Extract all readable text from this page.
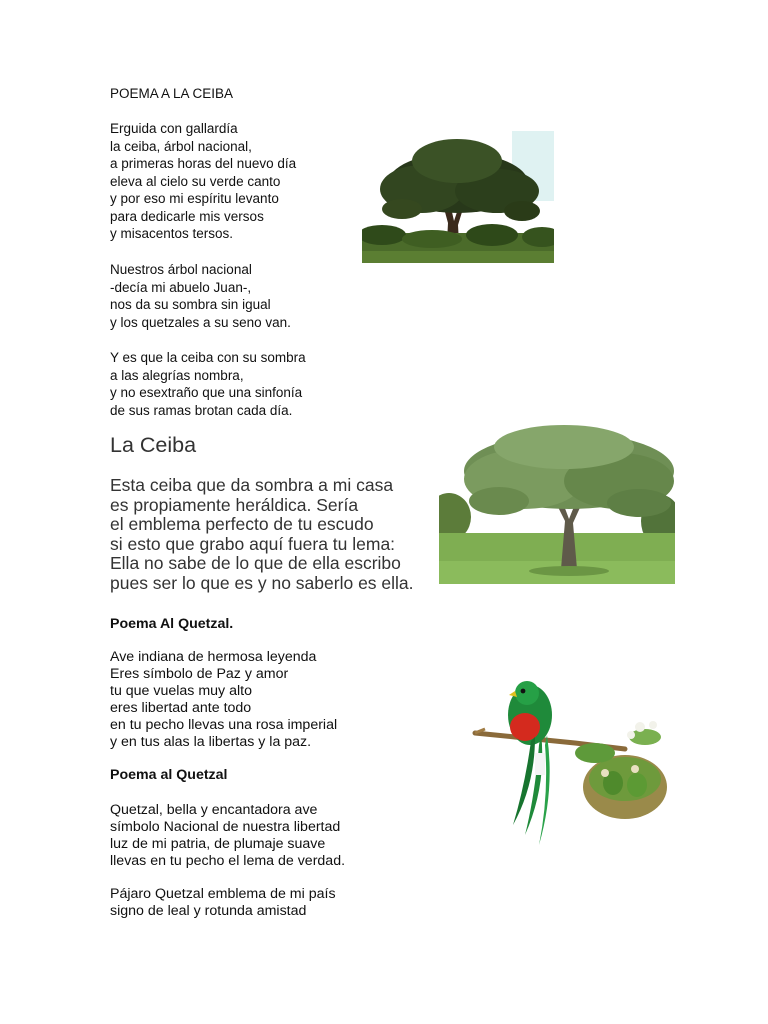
POEMA A LA CEIBA
Erguida con gallardía
la ceiba, árbol nacional,
a primeras horas del nuevo día
eleva al cielo su verde canto
y por eso mi espíritu levanto
para dedicarle mis versos
y misacentos tersos.
Nuestros árbol nacional
-decía mi abuelo Juan-,
nos da su sombra sin igual
y los quetzales a su seno van.
Y es que la ceiba con su sombra
a las alegrías nombra,
y no esextraño que una sinfonía
de sus ramas brotan cada día.
La Ceiba
Esta ceiba que da sombra a mi casa
es propiamente heráldica. Sería
el emblema perfecto de tu escudo
si esto que grabo aquí fuera tu lema:
Ella no sabe de lo que de ella escribo
pues ser lo que es y no saberlo es ella.
Poema Al Quetzal.
Ave indiana de hermosa leyenda
Eres símbolo de Paz y amor
tu que vuelas muy alto
eres libertad ante todo
en tu pecho llevas una rosa imperial
y en tus alas la libertas y la paz.
Poema al Quetzal
Quetzal, bella y encantadora ave
símbolo Nacional de nuestra libertad
luz de mi patria, de plumaje suave
llevas en tu pecho el lema de verdad.
Pájaro Quetzal emblema de mi país
signo de leal y rotunda amistad
